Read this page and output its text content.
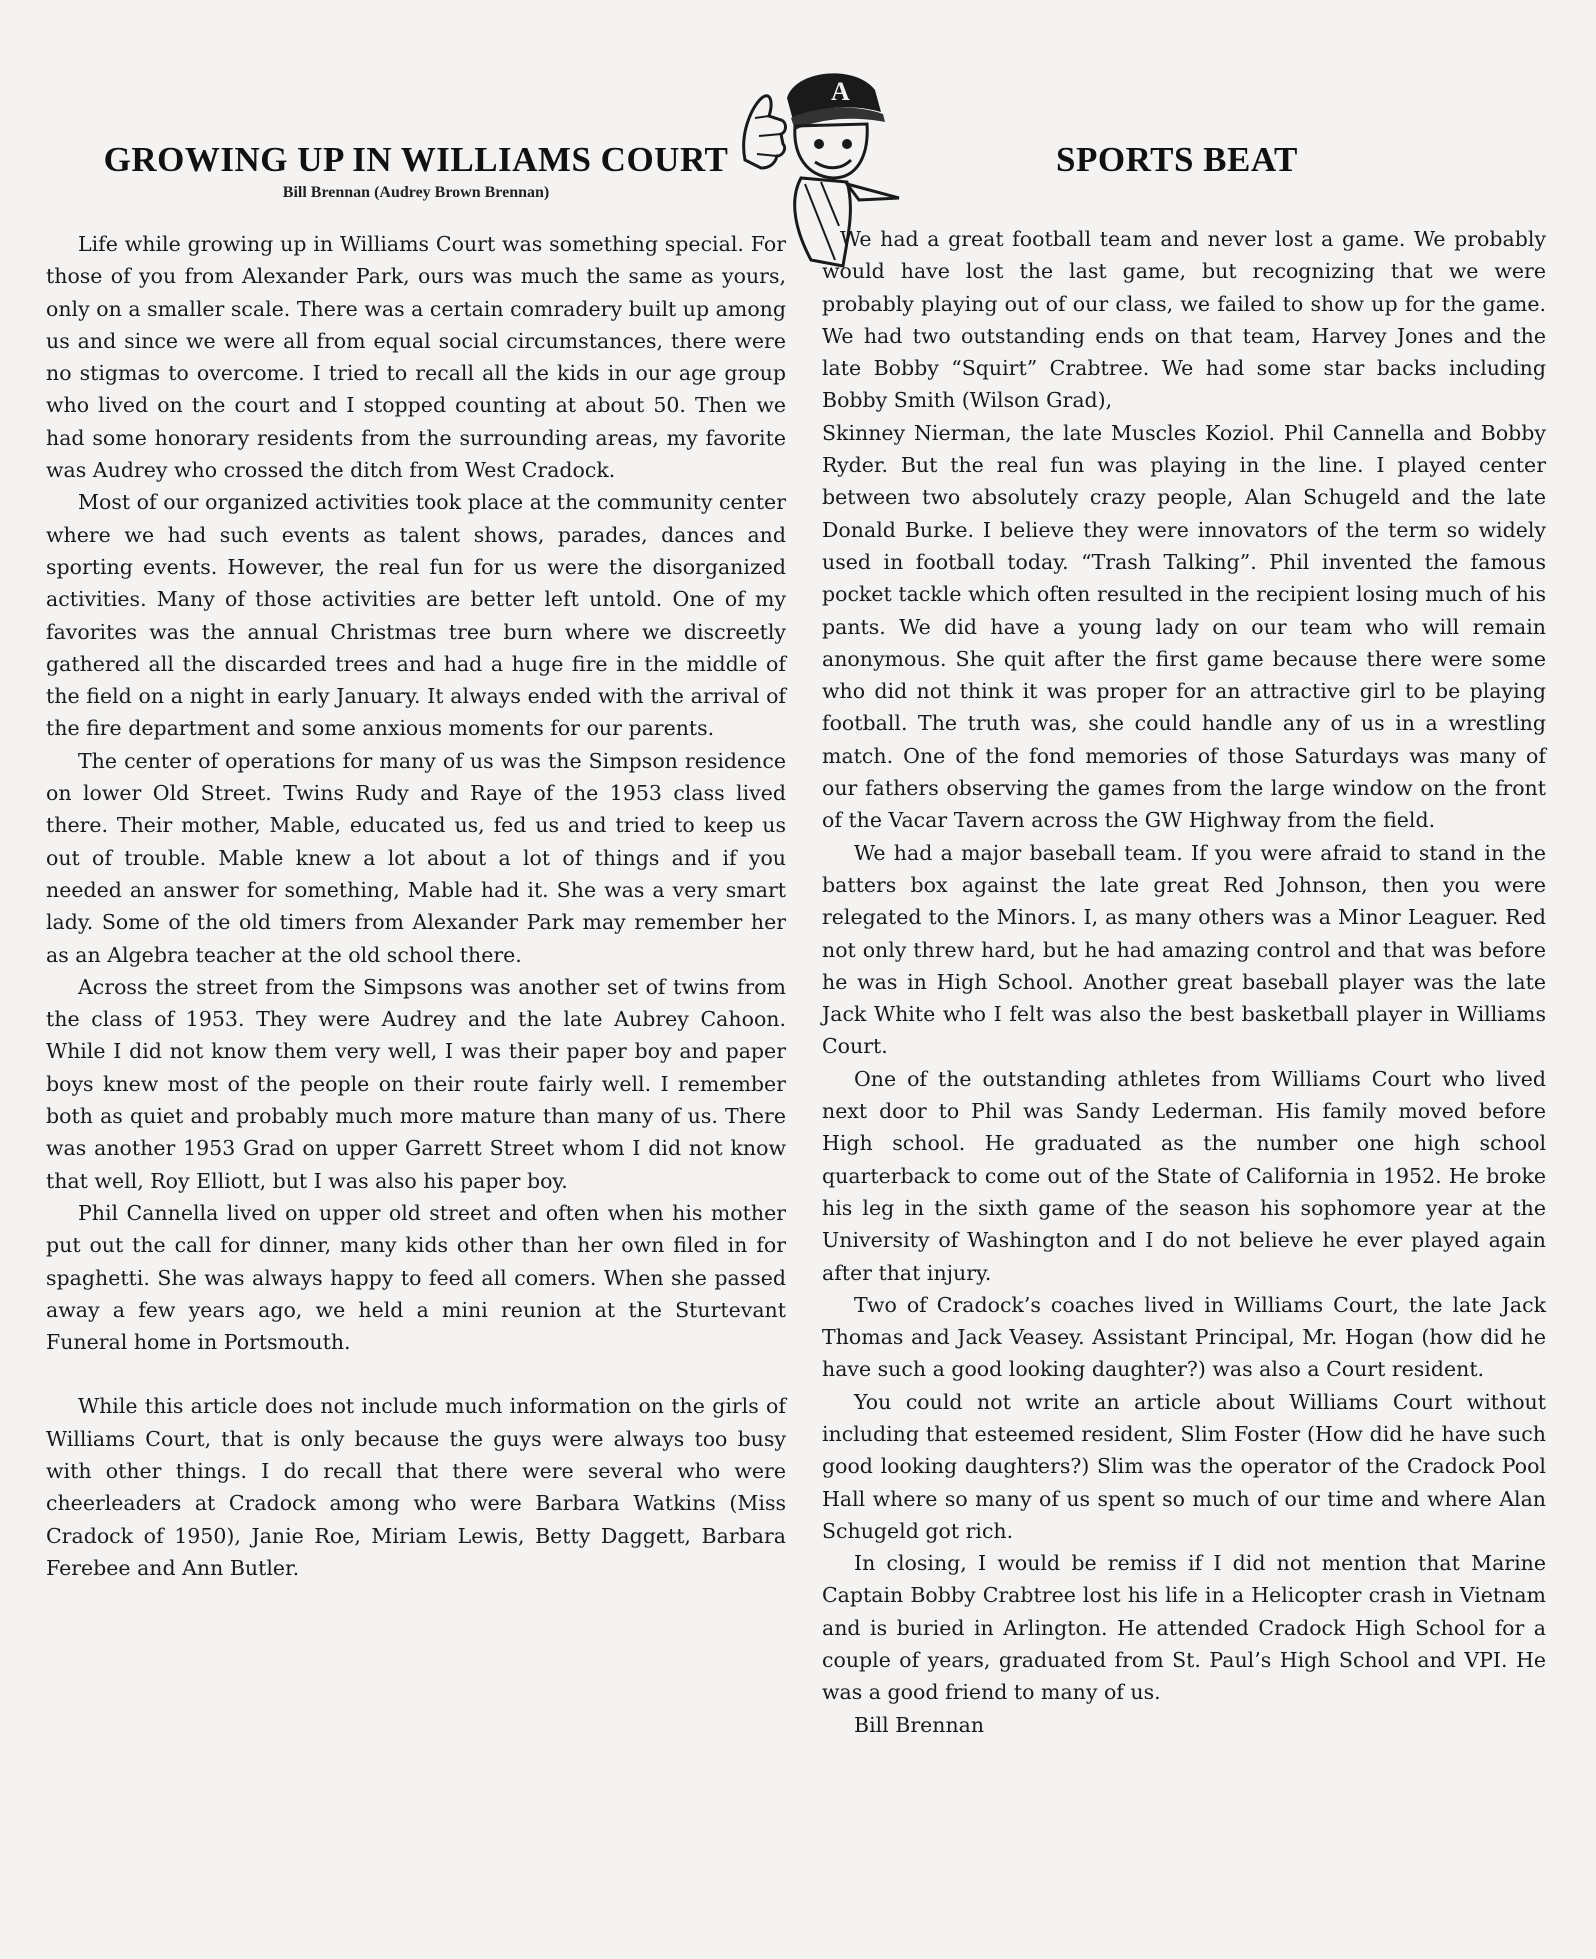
A
GROWING UP IN WILLIAMS COURT
Bill Brennan (Audrey Brown Brennan)

Life while growing up in Williams Court was something special. For those of you from Alexander Park, ours was much the same as yours, only on a smaller scale. There was a certain comradery built up among us and since we were all from equal social circumstances, there were no stigmas to overcome. I tried to recall all the kids in our age group who lived on the court and I stopped counting at about 50. Then we had some honorary residents from the surrounding areas, my favorite was Audrey who crossed the ditch from West Cradock.

Most of our organized activities took place at the community center where we had such events as talent shows, parades, dances and sporting events. However, the real fun for us were the disorganized activities. Many of those activities are better left untold. One of my favorites was the annual Christmas tree burn where we discreetly gathered all the discarded trees and had a huge fire in the middle of the field on a night in early January. It always ended with the arrival of the fire department and some anxious moments for our parents.

The center of operations for many of us was the Simpson residence on lower Old Street. Twins Rudy and Raye of the 1953 class lived there. Their mother, Mable, educated us, fed us and tried to keep us out of trouble. Mable knew a lot about a lot of things and if you needed an answer for something, Mable had it. She was a very smart lady. Some of the old timers from Alexander Park may remember her as an Algebra teacher at the old school there.

Across the street from the Simpsons was another set of twins from the class of 1953. They were Audrey and the late Aubrey Cahoon. While I did not know them very well, I was their paper boy and paper boys knew most of the people on their route fairly well. I remember both as quiet and probably much more mature than many of us. There was another 1953 Grad on upper Garrett Street whom I did not know that well, Roy Elliott, but I was also his paper boy.

Phil Cannella lived on upper old street and often when his mother put out the call for dinner, many kids other than her own filed in for spaghetti. She was always happy to feed all comers. When she passed away a few years ago, we held a mini reunion at the Sturtevant Funeral home in Portsmouth.

While this article does not include much information on the girls of Williams Court, that is only because the guys were always too busy with other things. I do recall that there were several who were cheerleaders at Cradock among who were Barbara Watkins (Miss Cradock of 1950), Janie Roe, Miriam Lewis, Betty Daggett, Barbara Ferebee and Ann Butler.

SPORTS BEAT

We had a great football team and never lost a game. We probably would have lost the last game, but recognizing that we were probably playing out of our class, we failed to show up for the game. We had two outstanding ends on that team, Harvey Jones and the late Bobby “Squirt” Crabtree. We had some star backs including Bobby Smith (Wilson Grad),

Skinney Nierman, the late Muscles Koziol. Phil Cannella and Bobby Ryder. But the real fun was playing in the line. I played center between two absolutely crazy people, Alan Schugeld and the late Donald Burke. I believe they were innovators of the term so widely used in football today. “Trash Talking”. Phil invented the famous pocket tackle which often resulted in the recipient losing much of his pants. We did have a young lady on our team who will remain anonymous. She quit after the first game because there were some who did not think it was proper for an attractive girl to be playing football. The truth was, she could handle any of us in a wrestling match. One of the fond memories of those Saturdays was many of our fathers observing the games from the large window on the front of the Vacar Tavern across the GW Highway from the field.

We had a major baseball team. If you were afraid to stand in the batters box against the late great Red Johnson, then you were relegated to the Minors. I, as many others was a Minor Leaguer. Red not only threw hard, but he had amazing control and that was before he was in High School. Another great baseball player was the late Jack White who I felt was also the best basketball player in Williams Court.

One of the outstanding athletes from Williams Court who lived next door to Phil was Sandy Lederman. His family moved before High school. He graduated as the number one high school quarterback to come out of the State of California in 1952. He broke his leg in the sixth game of the season his sophomore year at the University of Washington and I do not believe he ever played again after that injury.

Two of Cradock’s coaches lived in Williams Court, the late Jack Thomas and Jack Veasey. Assistant Principal, Mr. Hogan (how did he have such a good looking daughter?) was also a Court resident.

You could not write an article about Williams Court without including that esteemed resident, Slim Foster (How did he have such good looking daughters?) Slim was the operator of the Cradock Pool Hall where so many of us spent so much of our time and where Alan Schugeld got rich.

In closing, I would be remiss if I did not mention that Marine Captain Bobby Crabtree lost his life in a Helicopter crash in Vietnam and is buried in Arlington. He attended Cradock High School for a couple of years, graduated from St. Paul’s High School and VPI. He was a good friend to many of us.

Bill Brennan
